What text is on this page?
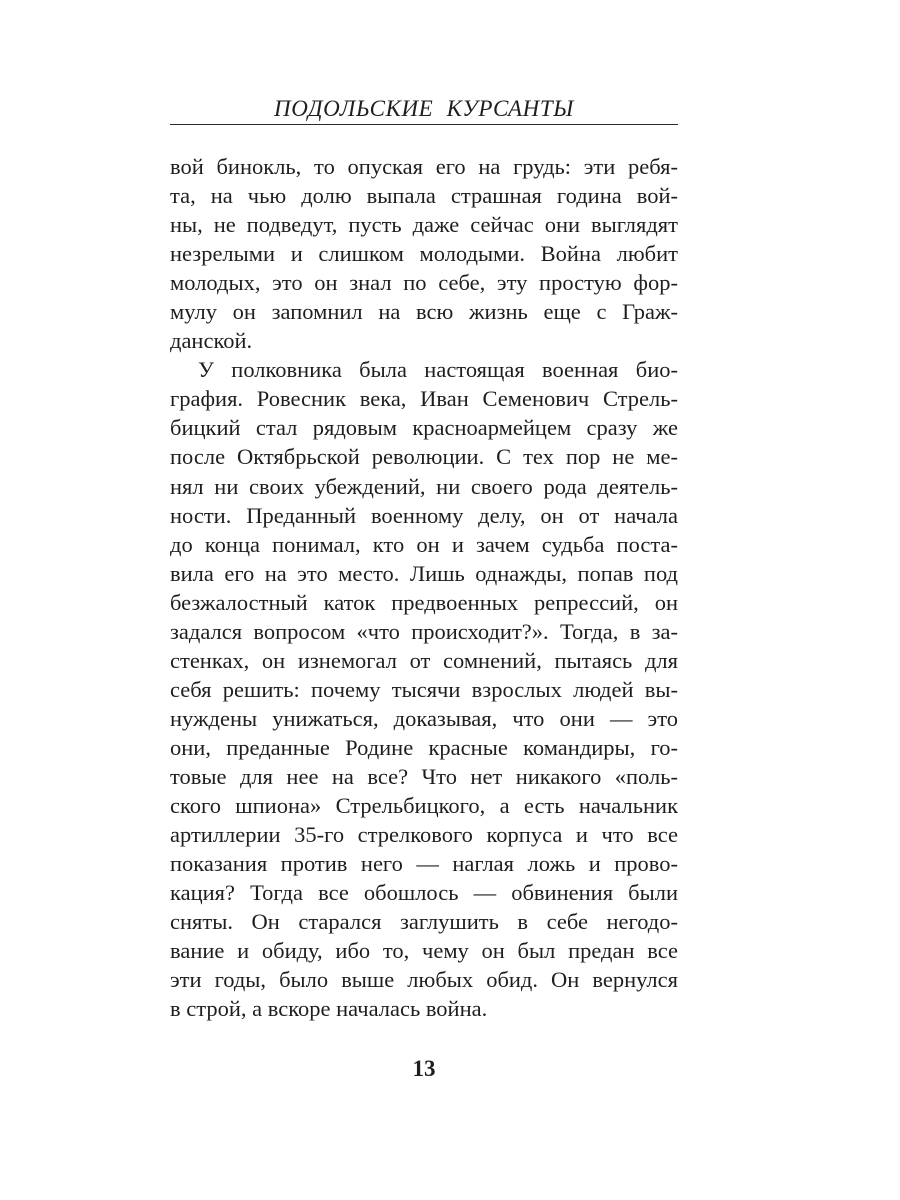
ПОДОЛЬСКИЕ КУРСАНТЫ
вой бинокль, то опуская его на грудь: эти ребя-
та, на чью долю выпала страшная година вой-
ны, не подведут, пусть даже сейчас они выглядят
незрелыми и слишком молодыми. Война любит
молодых, это он знал по себе, эту простую фор-
мулу он запомнил на всю жизнь еще с Граж-
данской.
У полковника была настоящая военная био-
графия. Ровесник века, Иван Семенович Стрель-
бицкий стал рядовым красноармейцем сразу же
после Октябрьской революции. С тех пор не ме-
нял ни своих убеждений, ни своего рода деятель-
ности. Преданный военному делу, он от начала
до конца понимал, кто он и зачем судьба поста-
вила его на это место. Лишь однажды, попав под
безжалостный каток предвоенных репрессий, он
задался вопросом «что происходит?». Тогда, в за-
стенках, он изнемогал от сомнений, пытаясь для
себя решить: почему тысячи взрослых людей вы-
нуждены унижаться, доказывая, что они — это
они, преданные Родине красные командиры, го-
товые для нее на все? Что нет никакого «поль-
ского шпиона» Стрельбицкого, а есть начальник
артиллерии 35-го стрелкового корпуса и что все
показания против него — наглая ложь и прово-
кация? Тогда все обошлось — обвинения были
сняты. Он старался заглушить в себе негодо-
вание и обиду, ибо то, чему он был предан все
эти годы, было выше любых обид. Он вернулся
в строй, а вскоре началась война.
13
